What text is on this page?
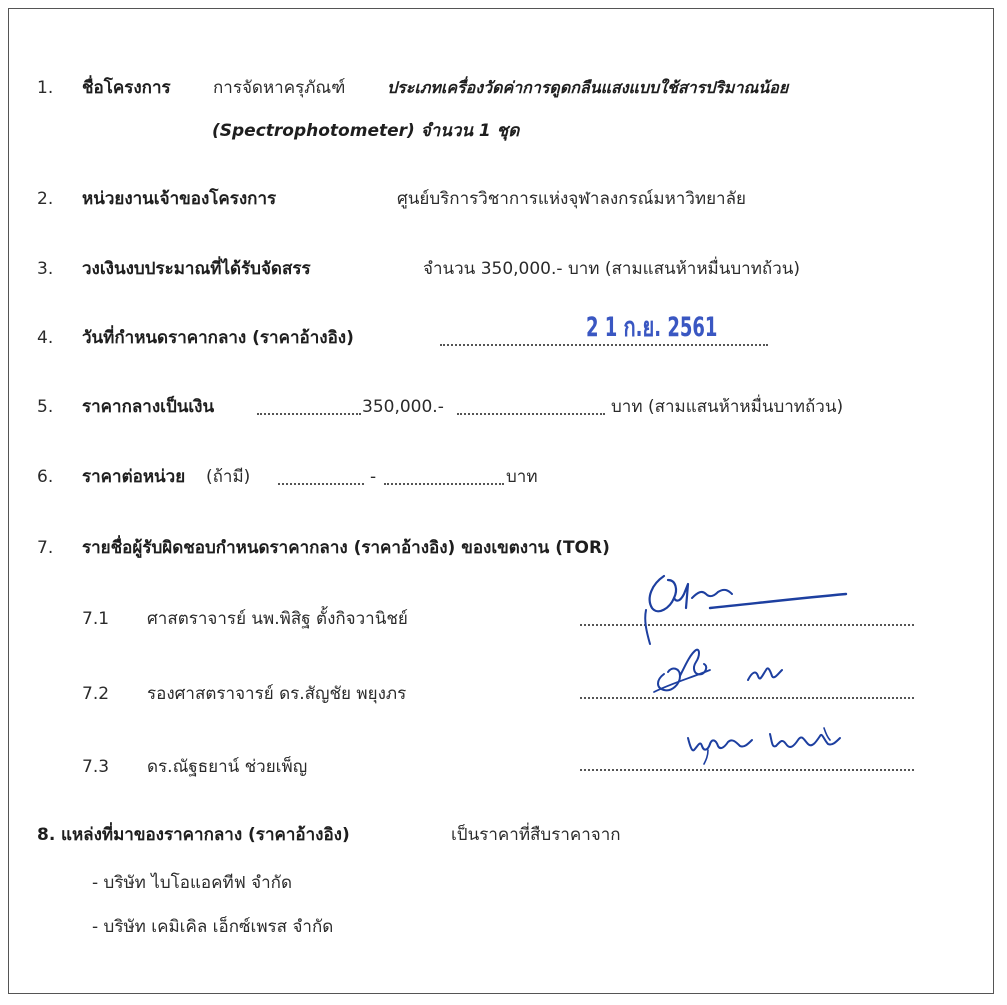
1. ชื่อโครงการ การจัดหาครุภัณฑ์	ประเภทเครื่องวัดค่าการดูดกลืนแสงแบบใช้สารปริมาณน้อย
(Spectrophotometer) จำนวน 1 ชุด
2. หน่วยงานเจ้าของโครงการ	ศูนย์บริการวิชาการแห่งจุฬาลงกรณ์มหาวิทยาลัย
3. วงเงินงบประมาณที่ได้รับจัดสรร	จำนวน 350,000.- บาท (สามแสนห้าหมื่นบาทถ้วน)
4. วันที่กำหนดราคากลาง (ราคาอ้างอิง)	2 1 ก.ย. 2561
5. ราคากลางเป็นเงิน	350,000.-	บาท (สามแสนห้าหมื่นบาทถ้วน)
6. ราคาต่อหน่วย (ถ้ามี)	-	บาท
7. รายชื่อผู้รับผิดชอบกำหนดราคากลาง (ราคาอ้างอิง) ของเขตงาน (TOR)
7.1 ศาสตราจารย์ นพ.พิสิฐ ตั้งกิจวานิชย์
7.2 รองศาสตราจารย์ ดร.สัญชัย พยุงภร
7.3 ดร.ณัฐธยาน์ ช่วยเพ็ญ
8. แหล่งที่มาของราคากลาง (ราคาอ้างอิง)	เป็นราคาที่สืบราคาจาก
- บริษัท ไบโอแอคทีฟ จำกัด
- บริษัท เคมิเคิล เอ็กซ์เพรส จำกัด
